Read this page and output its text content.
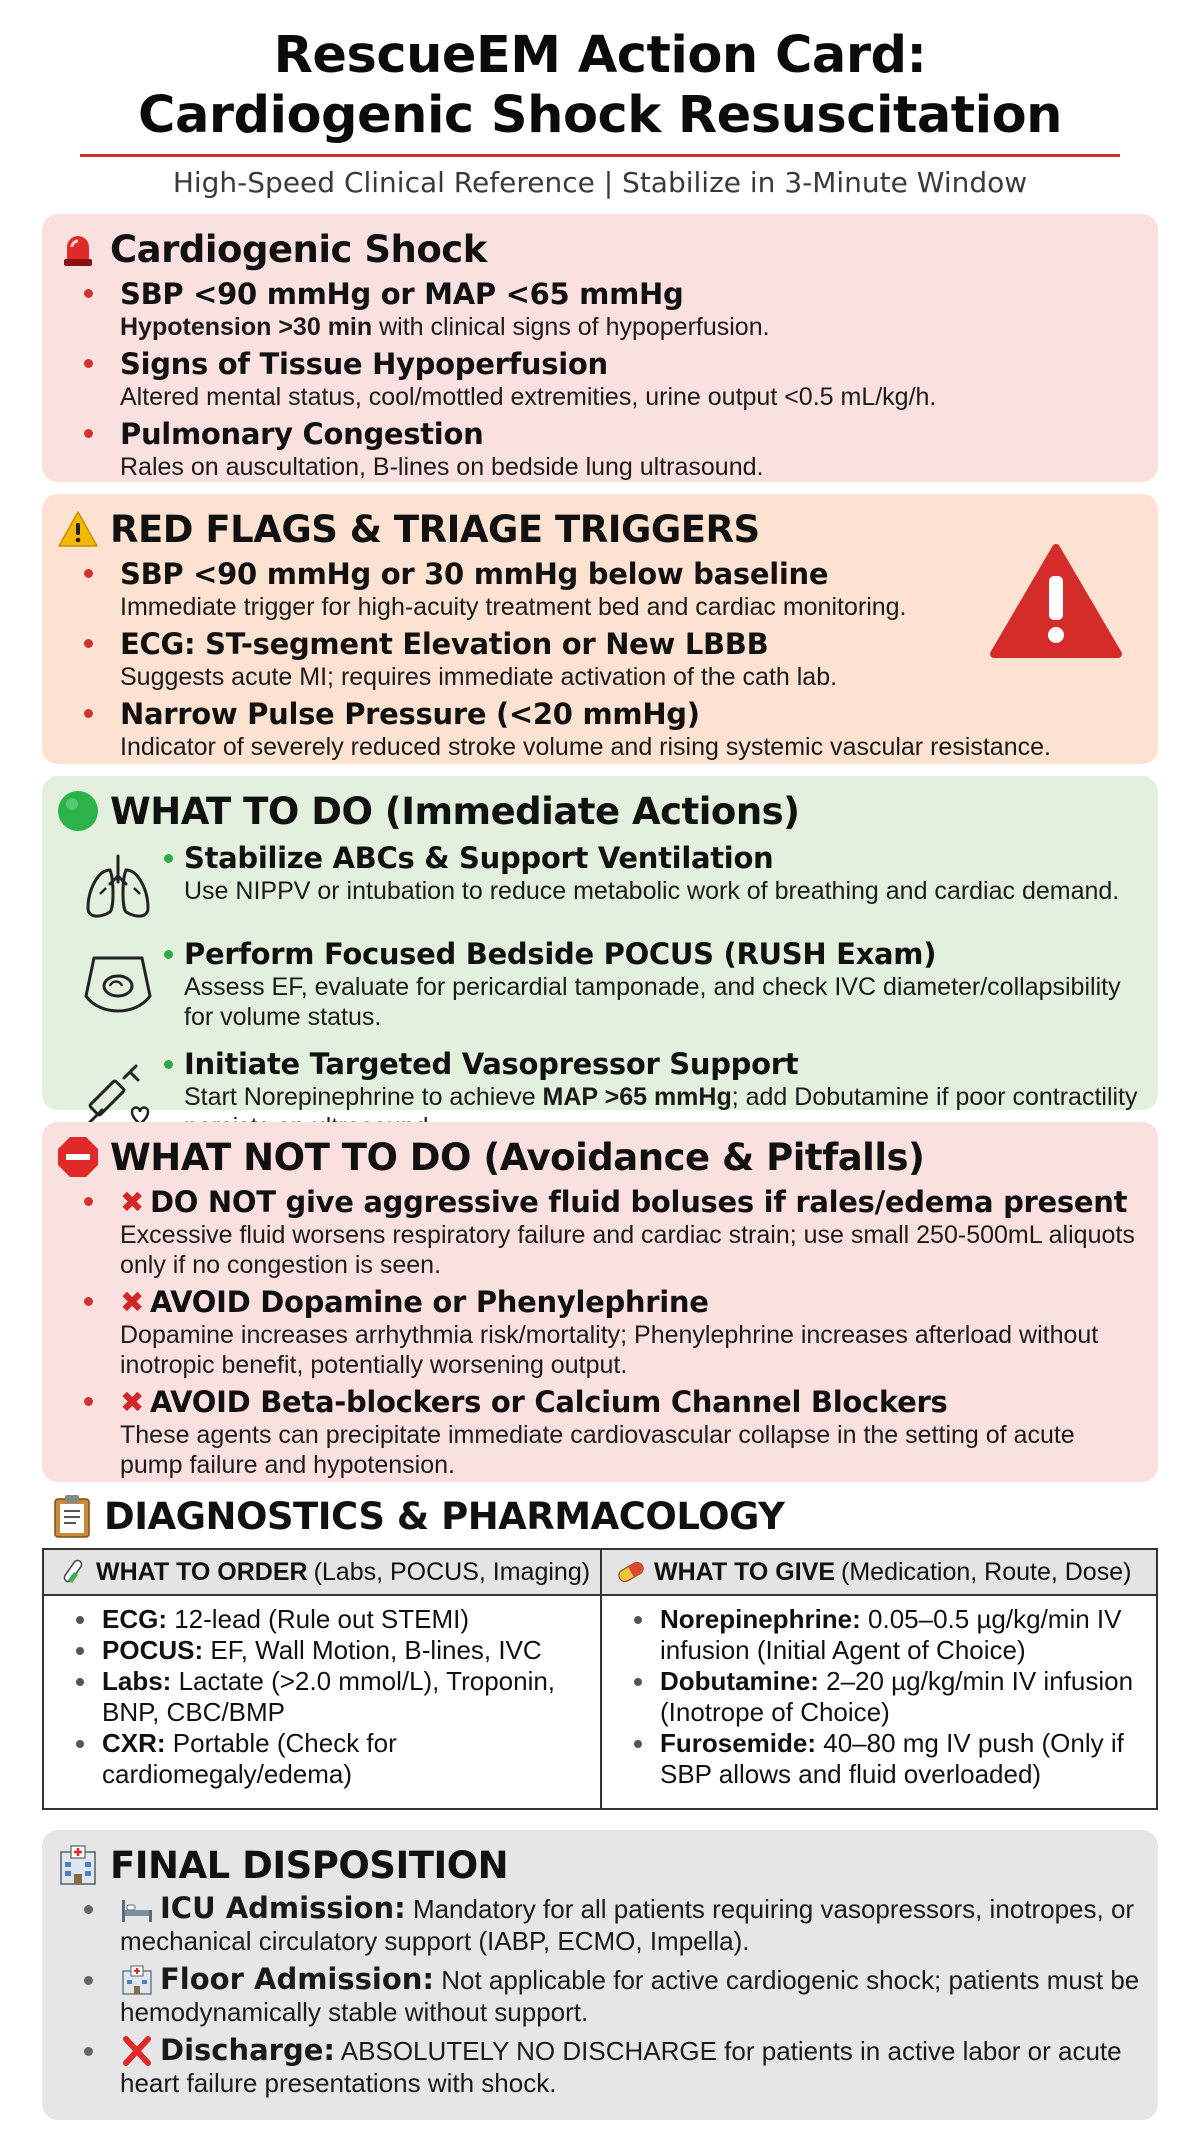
RescueEM Action Card:
Cardiogenic Shock Resuscitation
High-Speed Clinical Reference | Stabilize in 3-Minute Window
Cardiogenic Shock
SBP <90 mmHg or MAP <65 mmHg
Hypotension >30 min with clinical signs of hypoperfusion.
Signs of Tissue Hypoperfusion
Altered mental status, cool/mottled extremities, urine output <0.5 mL/kg/h.
Pulmonary Congestion
Rales on auscultation, B-lines on bedside lung ultrasound.
RED FLAGS & TRIAGE TRIGGERS
SBP <90 mmHg or 30 mmHg below baseline
Immediate trigger for high-acuity treatment bed and cardiac monitoring.
ECG: ST-segment Elevation or New LBBB
Suggests acute MI; requires immediate activation of the cath lab.
Narrow Pulse Pressure (<20 mmHg)
Indicator of severely reduced stroke volume and rising systemic vascular resistance.
WHAT TO DO (Immediate Actions)
Stabilize ABCs & Support Ventilation
Use NIPPV or intubation to reduce metabolic work of breathing and cardiac demand.
Perform Focused Bedside POCUS (RUSH Exam)
Assess EF, evaluate for pericardial tamponade, and check IVC diameter/collapsibility for volume status.
Initiate Targeted Vasopressor Support
Start Norepinephrine to achieve MAP >65 mmHg; add Dobutamine if poor contractility
WHAT NOT TO DO (Avoidance & Pitfalls)
✖ DO NOT give aggressive fluid boluses if rales/edema present
Excessive fluid worsens respiratory failure and cardiac strain; use small 250-500mL aliquots only if no congestion is seen.
✖ AVOID Dopamine or Phenylephrine
Dopamine increases arrhythmia risk/mortality; Phenylephrine increases afterload without inotropic benefit, potentially worsening output.
✖ AVOID Beta-blockers or Calcium Channel Blockers
These agents can precipitate immediate cardiovascular collapse in the setting of acute pump failure and hypotension.
DIAGNOSTICS & PHARMACOLOGY
WHAT TO ORDER (Labs, POCUS, Imaging)
ECG: 12-lead (Rule out STEMI)
POCUS: EF, Wall Motion, B-lines, IVC
Labs: Lactate (>2.0 mmol/L), Troponin, BNP, CBC/BMP
CXR: Portable (Check for cardiomegaly/edema)
WHAT TO GIVE (Medication, Route, Dose)
Norepinephrine: 0.05–0.5 µg/kg/min IV infusion (Initial Agent of Choice)
Dobutamine: 2–20 µg/kg/min IV infusion (Inotrope of Choice)
Furosemide: 40–80 mg IV push (Only if SBP allows and fluid overloaded)
FINAL DISPOSITION
ICU Admission: Mandatory for all patients requiring vasopressors, inotropes, or mechanical circulatory support (IABP, ECMO, Impella).
Floor Admission: Not applicable for active cardiogenic shock; patients must be hemodynamically stable without support.
Discharge: ABSOLUTELY NO DISCHARGE for patients in active labor or acute heart failure presentations with shock.
